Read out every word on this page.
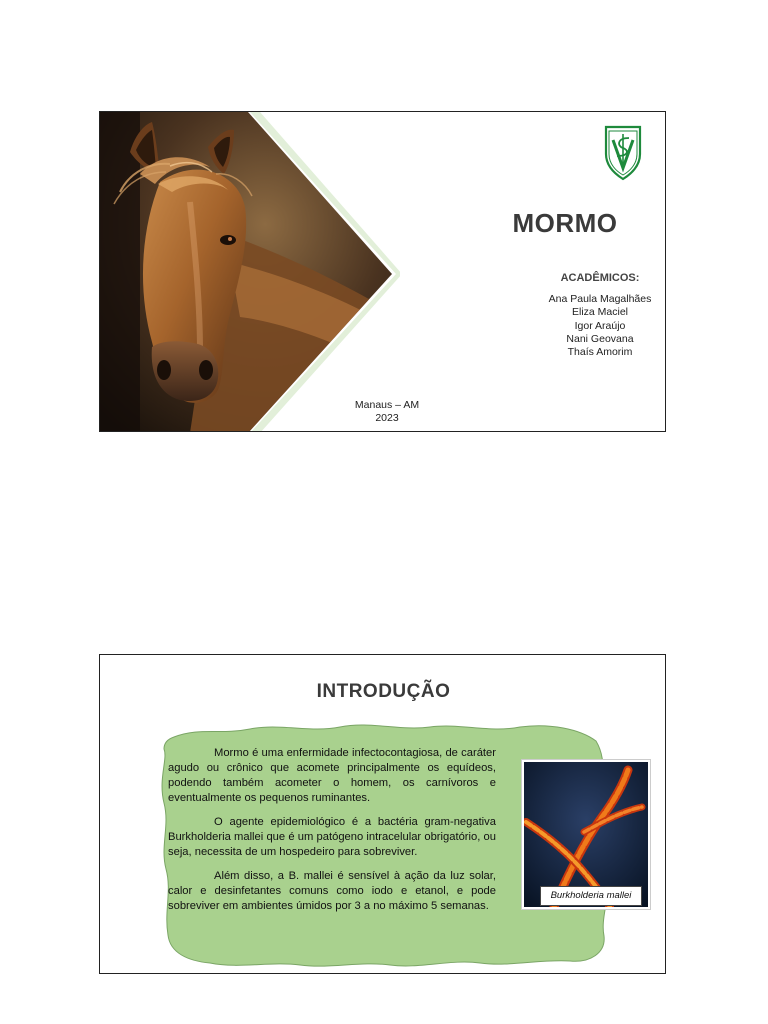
MORMO
ACADÊMICOS:
Ana Paula Magalhães
Eliza Maciel
Igor Araújo
Nani Geovana
Thaís Amorim
Manaus – AM
2023
INTRODUÇÃO

Mormo é uma enfermidade infectocontagiosa, de caráter agudo ou crônico que acomete principalmente os equídeos, podendo também acometer o homem, os carnívoros e eventualmente os pequenos ruminantes.

O agente epidemiológico é a bactéria gram-negativa Burkholderia mallei que é um patógeno intracelular obrigatório, ou seja, necessita de um hospedeiro para sobreviver.

Além disso, a B. mallei é sensível à ação da luz solar, calor e desinfetantes comuns como iodo e etanol, e pode sobreviver em ambientes úmidos por 3 a no máximo 5 semanas.

Burkholderia mallei
